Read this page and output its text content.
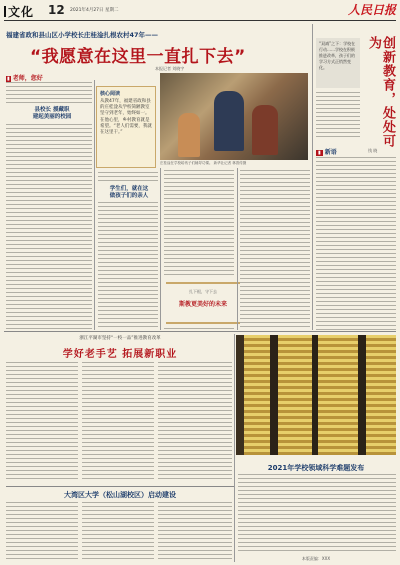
文化 12 2021年4月27日 星期二	人民日报
福建省政和县山区小学校长庄桂淦扎根农村47年——
“我愿意在这里一直扎下去”
本报记者 刘晓宇
▮ 老师，您好
县校长 援藏职
建起美丽的校园
核心阅读
从教47年，福建省政和县的庄桂淦从学校简陋教室坚守到老年，始终如一。在他心里，乡村教育就是希望。“老人们需要，我就在这里干。”
庄桂淦在学校给孩子们辅导功课。 新华社记者 林善传摄
学生们，就在这
做孩子们的亲人
扎下根，守下去
斯教更美好的未来
“双减”之下：学校在行动……学校在积极推进改革，孩子们的学习方式正悄然变化。	创新教育，处处可为
钱 晓
▮ 新语
浙江平湖市坚持“一校一品”推进教育改革
学好老手艺 拓展新职业
大湾区大学（松山湖校区）启动建设
2021年学校领域科学难题发布
本版责编：XXX
